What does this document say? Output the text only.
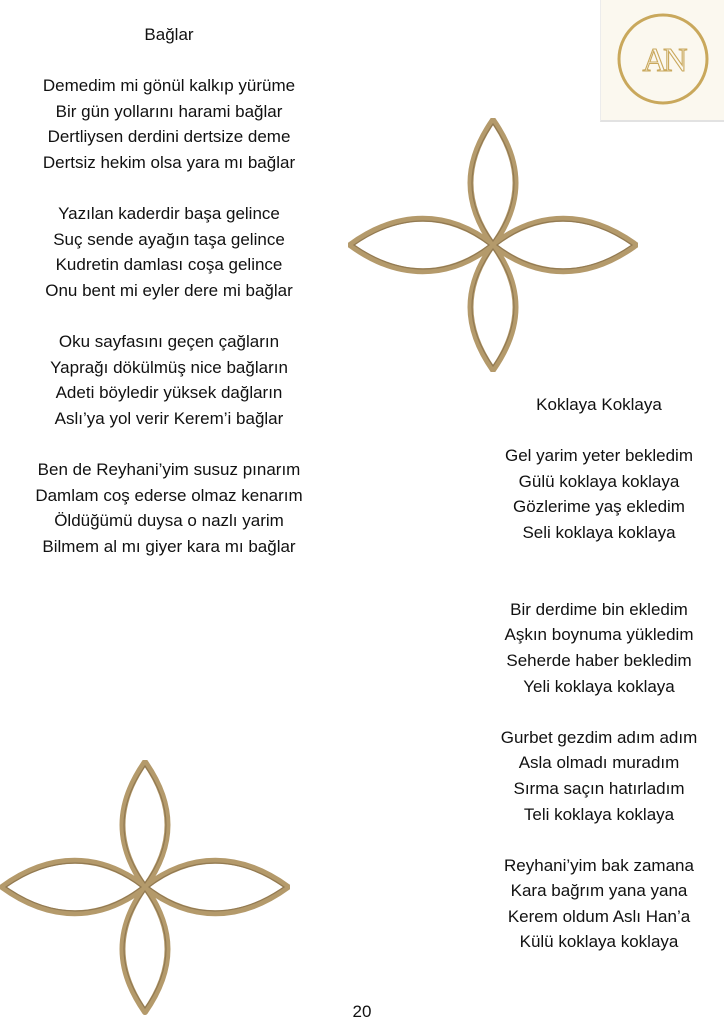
AN
Bağlar
Demedim mi gönül kalkıp yürüme
Bir gün yollarını harami bağlar
Dertliysen derdini dertsize deme
Dertsiz hekim olsa yara mı bağlar
Yazılan kaderdir başa gelince
Suç sende ayağın taşa gelince
Kudretin damlası coşa gelince
Onu bent mi eyler dere mi bağlar
Oku sayfasını geçen çağların
Yaprağı dökülmüş nice bağların
Adeti böyledir yüksek dağların
Aslı’ya yol verir Kerem’i bağlar
Ben de Reyhani’yim susuz pınarım
Damlam coş ederse olmaz kenarım
Öldüğümü duysa o nazlı yarim
Bilmem al mı giyer kara mı bağlar
Koklaya Koklaya
Gel yarim yeter bekledim
Gülü koklaya koklaya
Gözlerime yaş ekledim
Seli koklaya koklaya
Bir derdime bin ekledim
Aşkın boynuma yükledim
Seherde haber bekledim
Yeli koklaya koklaya
Gurbet gezdim adım adım
Asla olmadı muradım
Sırma saçın hatırladım
Teli koklaya koklaya
Reyhani’yim bak zamana
Kara bağrım yana yana
Kerem oldum Aslı Han’a
Külü koklaya koklaya
20
